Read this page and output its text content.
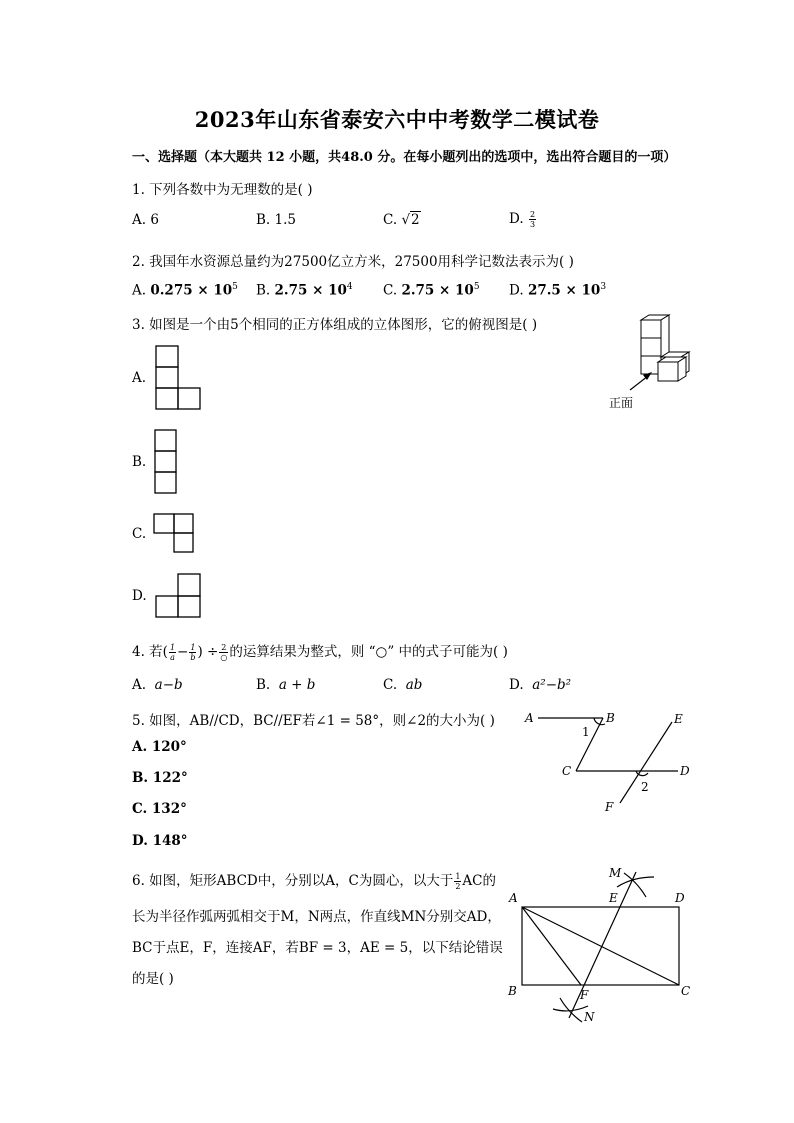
2023年山东省泰安六中中考数学二模试卷
一、选择题（本大题共 12 小题，共48.0 分。在每小题列出的选项中，选出符合题目的一项）
1. 下列各数中为无理数的是( )
A. 6	B. 1.5	C. √2	D. $\frac{2}{3}$
2. 我国年水资源总量约为27500亿立方米，27500用科学记数法表示为( )
A. $0.275 \times 10^5$ B. $2.75 \times 10^4$ C. $2.75 \times 10^5$ D. $27.5 \times 10^3$
3. 如图是一个由5个相同的正方体组成的立体图形，它的俯视图是( )
A.
B.
C.
D.
正面
4. 若( $\frac{1}{a} - \frac{1}{b}$ ) ÷ $\frac{2}{○}$ 的运算结果为整式，则 “○” 中的式子可能为( )
A. a−b	B. a + b	C. ab	D. a²−b²
5. 如图，AB//CD，BC//EF若∠1 = 58°，则∠2的大小为( )
A. 120°
B. 122°
C. 132°
D. 148°
A	B
C	D
E
F
1
2
6. 如图，矩形ABCD中，分别以A，C为圆心，以大于 $\frac{1}{2}$ AC的
长为半径作弧两弧相交于M，N两点，作直线MN分别交AD，
BC于点E，F，连接AF，若BF = 3，AE = 5，以下结论错误
的是( )
M
E	D
A
B	F	C
N
